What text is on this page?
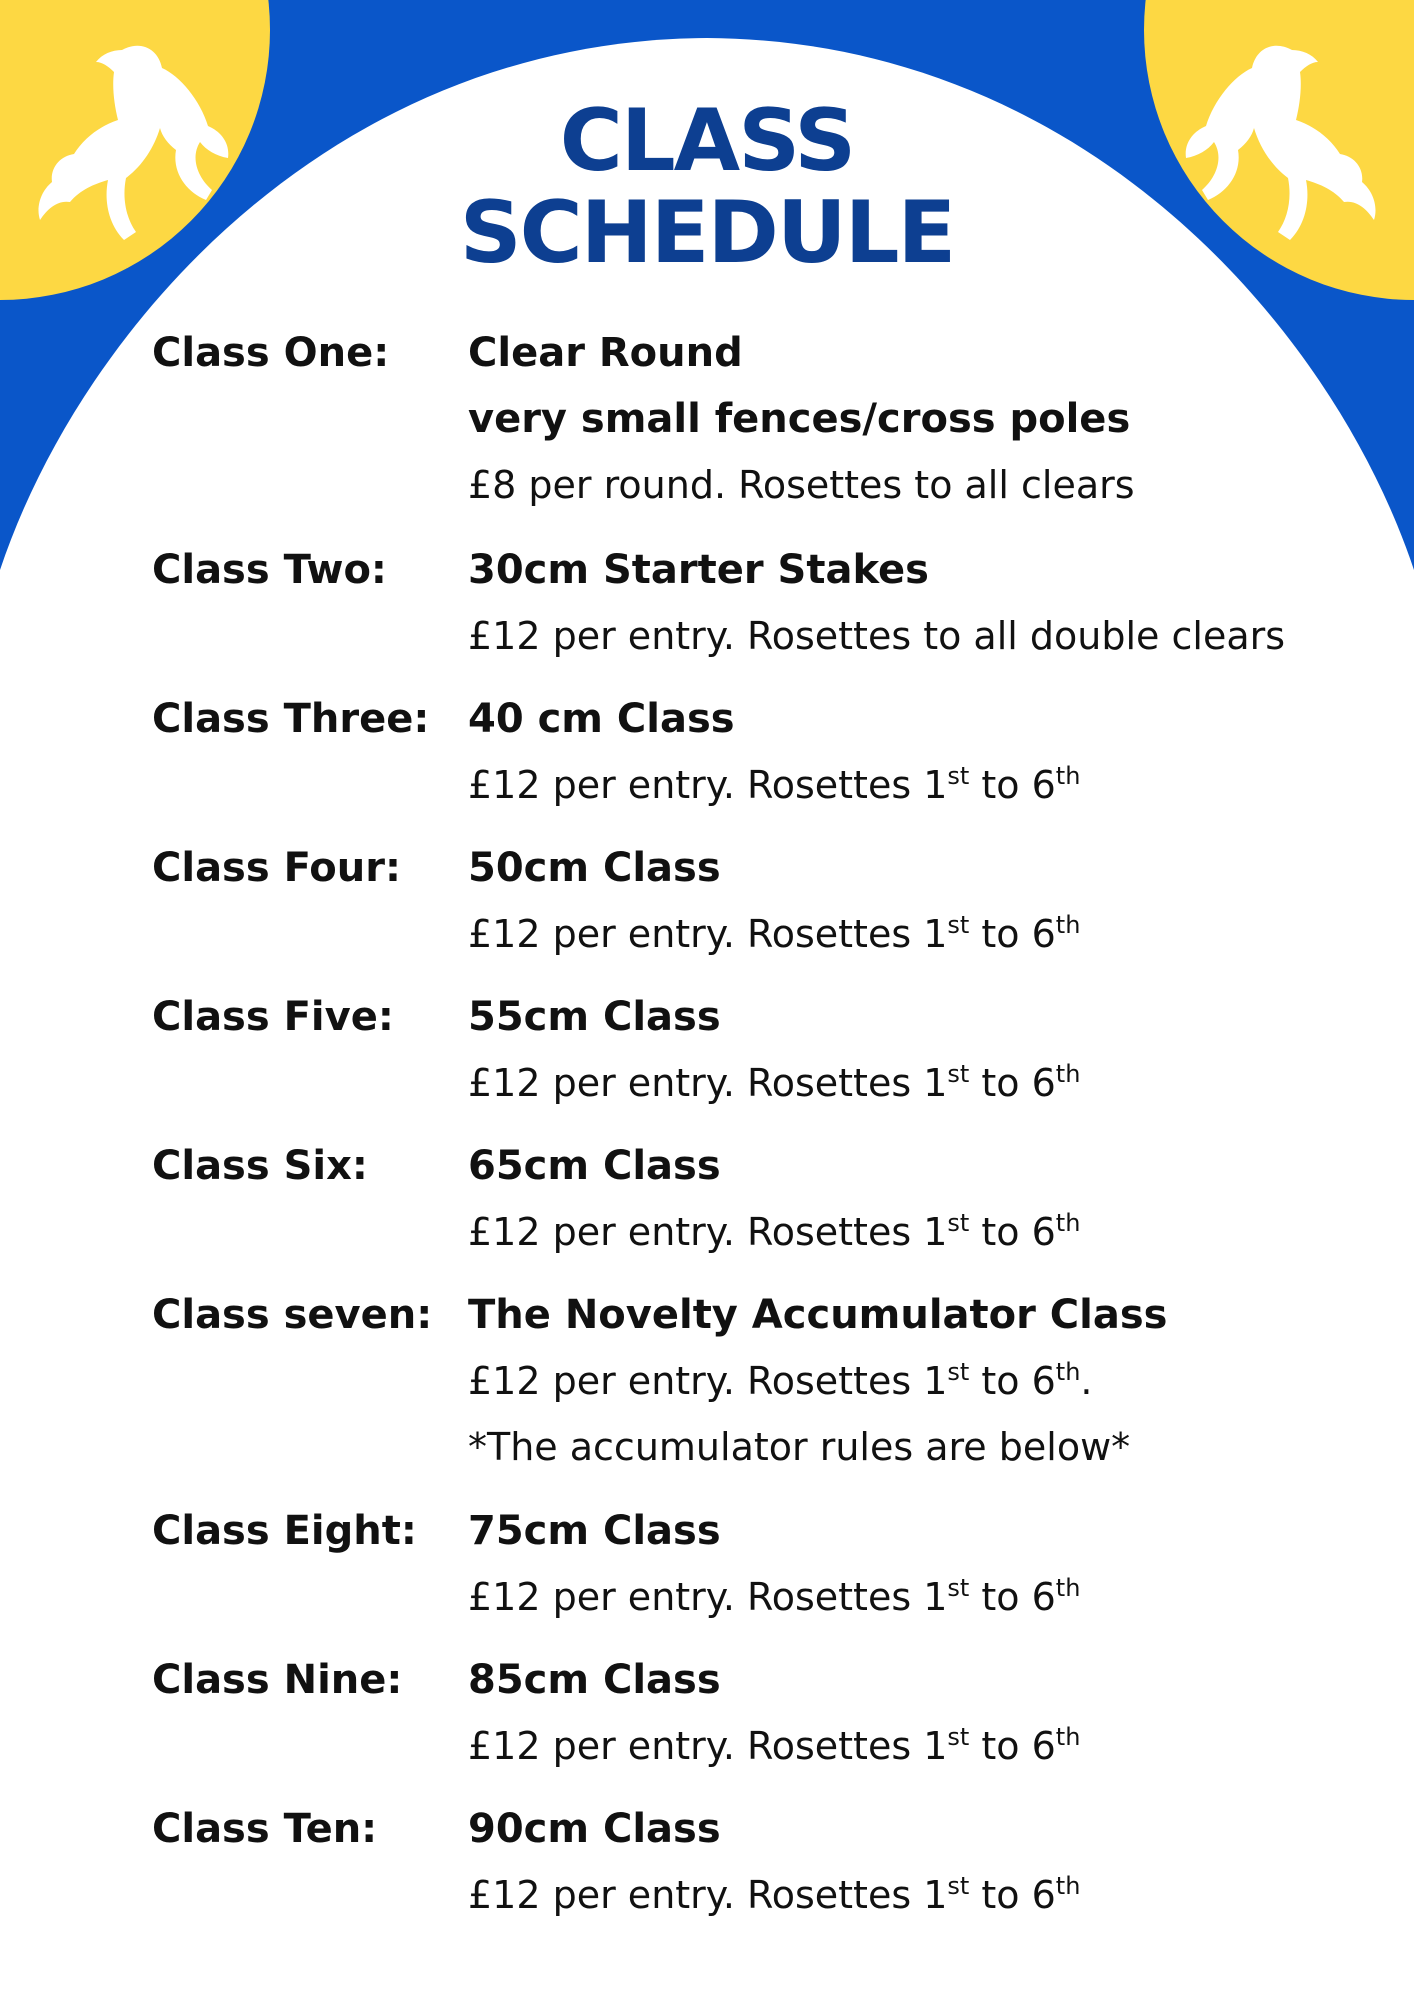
CLASS
SCHEDULE
Class One: Clear Round
very small fences/cross poles
£8 per round. Rosettes to all clears
Class Two: 30cm Starter Stakes
£12 per entry. Rosettes to all double clears
Class Three: 40 cm Class
£12 per entry. Rosettes 1st to 6th
Class Four: 50cm Class
£12 per entry. Rosettes 1st to 6th
Class Five: 55cm Class
£12 per entry. Rosettes 1st to 6th
Class Six:	65cm Class
£12 per entry. Rosettes 1st to 6th
Class seven: The Novelty Accumulator Class
£12 per entry. Rosettes 1st to 6th.
*The accumulator rules are below*
Class Eight: 75cm Class
£12 per entry. Rosettes 1st to 6th
Class Nine: 85cm Class
£12 per entry. Rosettes 1st to 6th
Class Ten: 90cm Class
£12 per entry. Rosettes 1st to 6th
